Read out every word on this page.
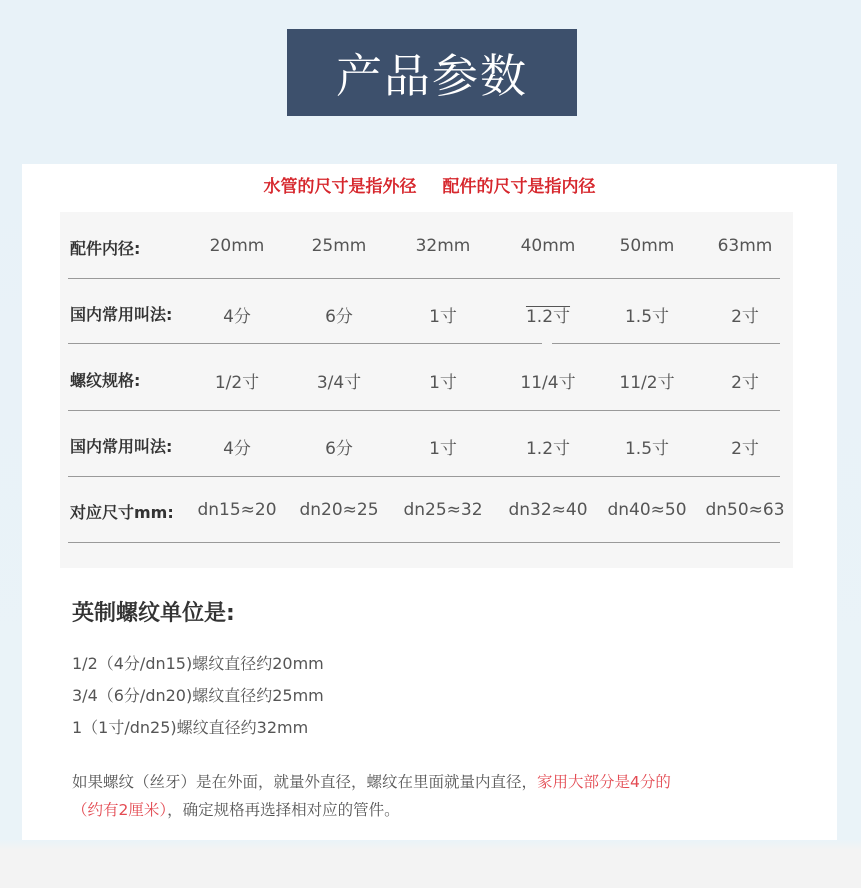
产品参数
水管的尺寸是指外径 配件的尺寸是指内径
配件内径:	20mm	25mm	32mm	40mm	50mm	63mm
国内常用叫法:	4分	6分	1寸	1.2寸	1.5寸	2寸
螺纹规格:	1/2寸	3/4寸	1寸	11/4寸	11/2寸	2寸
国内常用叫法:	4分	6分	1寸	1.2寸	1.5寸	2寸
对应尺寸mm:	dn15≈20	dn20≈25	dn25≈32	dn32≈40	dn40≈50	dn50≈63
英制螺纹单位是:
1/2（4分/dn15)螺纹直径约20mm
3/4（6分/dn20)螺纹直径约25mm
1（1寸/dn25)螺纹直径约32mm
如果螺纹（丝牙）是在外面，就量外直径，螺纹在里面就量内直径，家用大部分是4分的
（约有2厘米），确定规格再选择相对应的管件。
